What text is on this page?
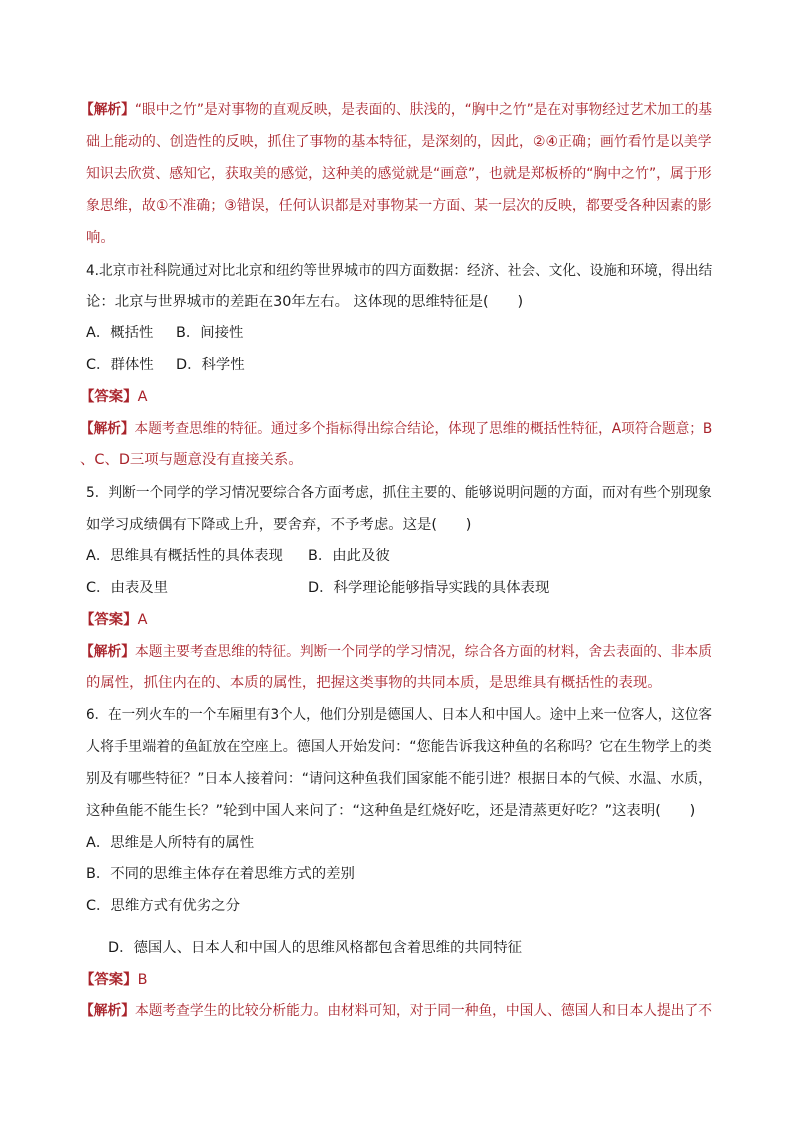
【解析】“眼中之竹”是对事物的直观反映，是表面的、肤浅的，“胸中之竹”是在对事物经过艺术加工的基
础上能动的、创造性的反映，抓住了事物的基本特征，是深刻的，因此，②④正确；画竹看竹是以美学
知识去欣赏、感知它，获取美的感觉，这种美的感觉就是“画意”，也就是郑板桥的“胸中之竹”，属于形
象思维，故①不准确；③错误，任何认识都是对事物某一方面、某一层次的反映，都要受各种因素的影
响。
4.北京市社科院通过对比北京和纽约等世界城市的四方面数据：经济、社会、文化、设施和环境，得出结
论：北京与世界城市的差距在30年左右。 这体现的思维特征是(　　)
A．概括性 B．间接性
C．群体性 D．科学性
【答案】A
【解析】本题考查思维的特征。通过多个指标得出综合结论，体现了思维的概括性特征，A项符合题意；B
、C、D三项与题意没有直接关系。
5．判断一个同学的学习情况要综合各方面考虑，抓住主要的、能够说明问题的方面，而对有些个别现象
如学习成绩偶有下降或上升，要舍弃，不予考虑。这是(　　)
A．思维具有概括性的具体表现 B．由此及彼
C．由表及里	D．科学理论能够指导实践的具体表现
【答案】A
【解析】本题主要考查思维的特征。判断一个同学的学习情况，综合各方面的材料，舍去表面的、非本质
的属性，抓住内在的、本质的属性，把握这类事物的共同本质，是思维具有概括性的表现。
6．在一列火车的一个车厢里有3个人，他们分别是德国人、日本人和中国人。途中上来一位客人，这位客
人将手里端着的鱼缸放在空座上。德国人开始发问：“您能告诉我这种鱼的名称吗？它在生物学上的类
别及有哪些特征？”日本人接着问：“请问这种鱼我们国家能不能引进？根据日本的气候、水温、水质，
这种鱼能不能生长？”轮到中国人来问了：“这种鱼是红烧好吃，还是清蒸更好吃？”这表明(　　)
A．思维是人所特有的属性
B．不同的思维主体存在着思维方式的差别
C．思维方式有优劣之分
D．德国人、日本人和中国人的思维风格都包含着思维的共同特征
【答案】B
【解析】本题考查学生的比较分析能力。由材料可知，对于同一种鱼，中国人、德国人和日本人提出了不
